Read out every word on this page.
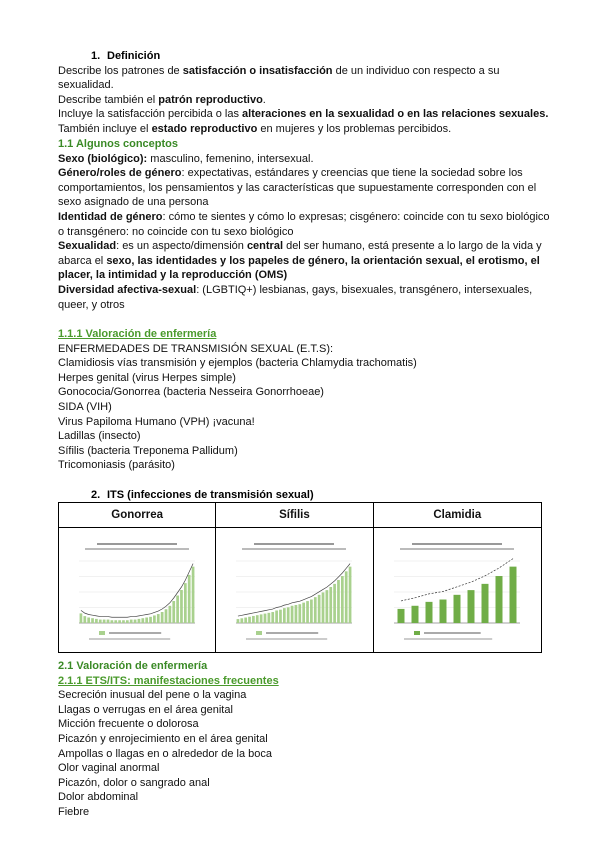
1. Definición

Describe los patrones de satisfacción o insatisfacción de un individuo con respecto a su sexualidad.

Describe también el patrón reproductivo.

Incluye la satisfacción percibida o las alteraciones en la sexualidad o en las relaciones sexuales.

También incluye el estado reproductivo en mujeres y los problemas percibidos.

1.1 Algunos conceptos

Sexo (biológico): masculino, femenino, intersexual.

Género/roles de género: expectativas, estándares y creencias que tiene la sociedad sobre los comportamientos, los pensamientos y las características que supuestamente corresponden con el sexo asignado de una persona

Identidad de género: cómo te sientes y cómo lo expresas; cisgénero: coincide con tu sexo biológico o transgénero: no coincide con tu sexo biológico

Sexualidad: es un aspecto/dimensión central del ser humano, está presente a lo largo de la vida y abarca el sexo, las identidades y los papeles de género, la orientación sexual, el erotismo, el placer, la intimidad y la reproducción (OMS)

Diversidad afectiva-sexual: (LGBTIQ+) lesbianas, gays, bisexuales, transgénero, intersexuales, queer, y otros

1.1.1 Valoración de enfermería

ENFERMEDADES DE TRANSMISIÓN SEXUAL (E.T.S):

Clamidiosis vías transmisión y ejemplos (bacteria Chlamydia trachomatis)

Herpes genital (virus Herpes simple)

Gonococia/Gonorrea (bacteria Nesseira Gonorrhoeae)

SIDA (VIH)

Virus Papiloma Humano (VPH) ¡vacuna!

Ladillas (insecto)

Sífilis (bacteria Treponema Pallidum)

Tricomoniasis (parásito)

2. ITS (infecciones de transmisión sexual)

Gonorrea	Sífilis	Clamidia

2.1 Valoración de enfermería

2.1.1 ETS/ITS: manifestaciones frecuentes

Secreción inusual del pene o la vagina

Llagas o verrugas en el área genital

Micción frecuente o dolorosa

Picazón y enrojecimiento en el área genital

Ampollas o llagas en o alrededor de la boca

Olor vaginal anormal

Picazón, dolor o sangrado anal

Dolor abdominal

Fiebre
